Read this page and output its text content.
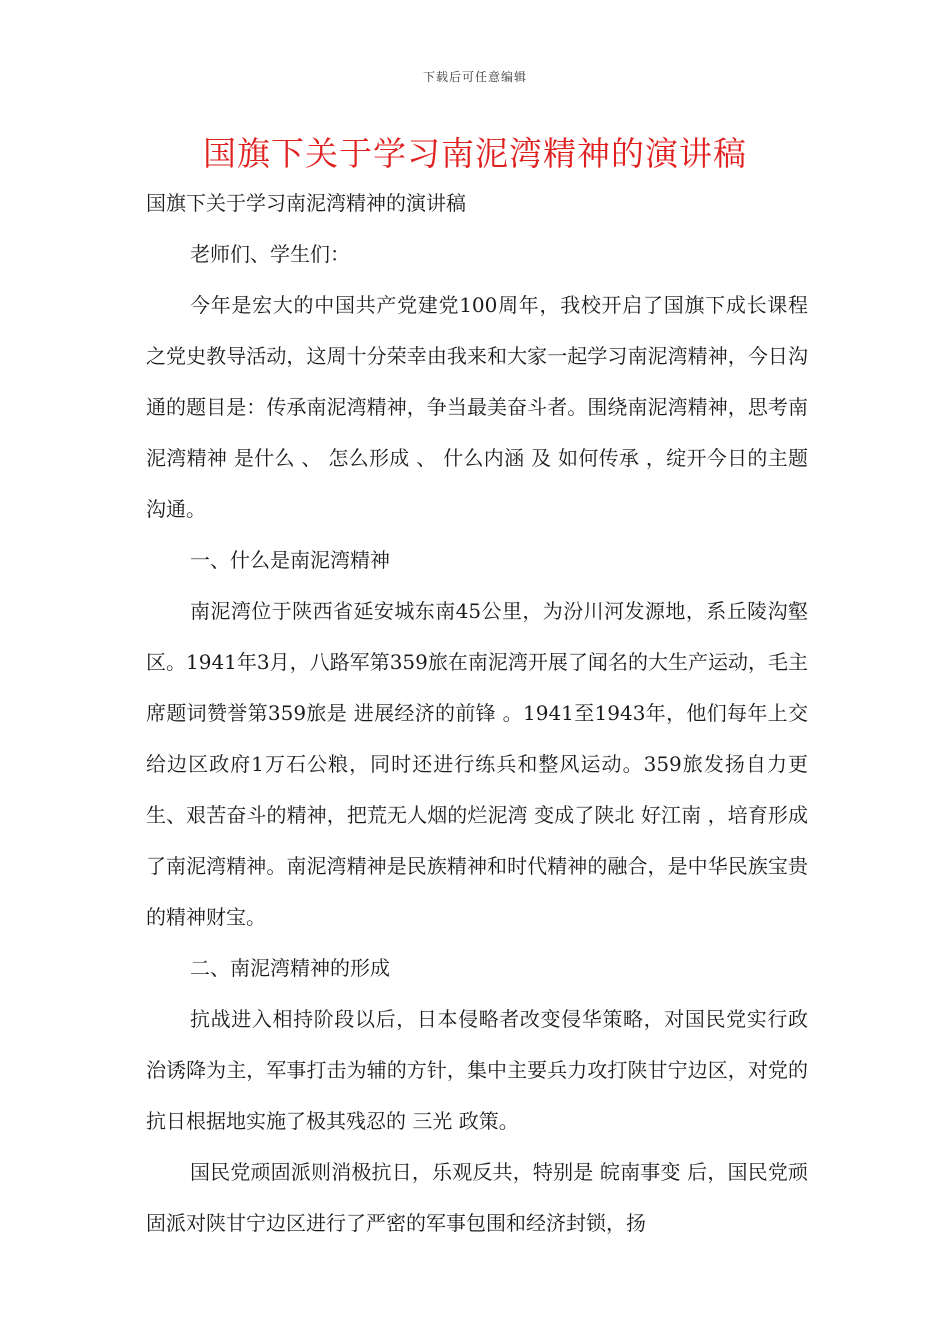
下载后可任意编辑
国旗下关于学习南泥湾精神的演讲稿

国旗下关于学习南泥湾精神的演讲稿

老师们、学生们：

今年是宏大的中国共产党建党100周年，我校开启了国旗下成长课程之党史教导活动，这周十分荣幸由我来和大家一起学习南泥湾精神，今日沟通的题目是：传承南泥湾精神，争当最美奋斗者。围绕南泥湾精神，思考南泥湾精神 是什么 、 怎么形成 、 什么内涵 及 如何传承 ，绽开今日的主题沟通。

一、什么是南泥湾精神

南泥湾位于陕西省延安城东南45公里，为汾川河发源地，系丘陵沟壑区。1941年3月，八路军第359旅在南泥湾开展了闻名的大生产运动，毛主席题词赞誉第359旅是 进展经济的前锋 。1941至1943年，他们每年上交给边区政府1万石公粮，同时还进行练兵和整风运动。359旅发扬自力更生、艰苦奋斗的精神，把荒无人烟的烂泥湾 变成了陕北 好江南 ，培育形成了南泥湾精神。南泥湾精神是民族精神和时代精神的融合，是中华民族宝贵的精神财宝。

二、南泥湾精神的形成

抗战进入相持阶段以后，日本侵略者改变侵华策略，对国民党实行政治诱降为主，军事打击为辅的方针，集中主要兵力攻打陕甘宁边区，对党的抗日根据地实施了极其残忍的 三光 政策。

国民党顽固派则消极抗日，乐观反共，特别是 皖南事变 后，国民党顽固派对陕甘宁边区进行了严密的军事包围和经济封锁，扬
